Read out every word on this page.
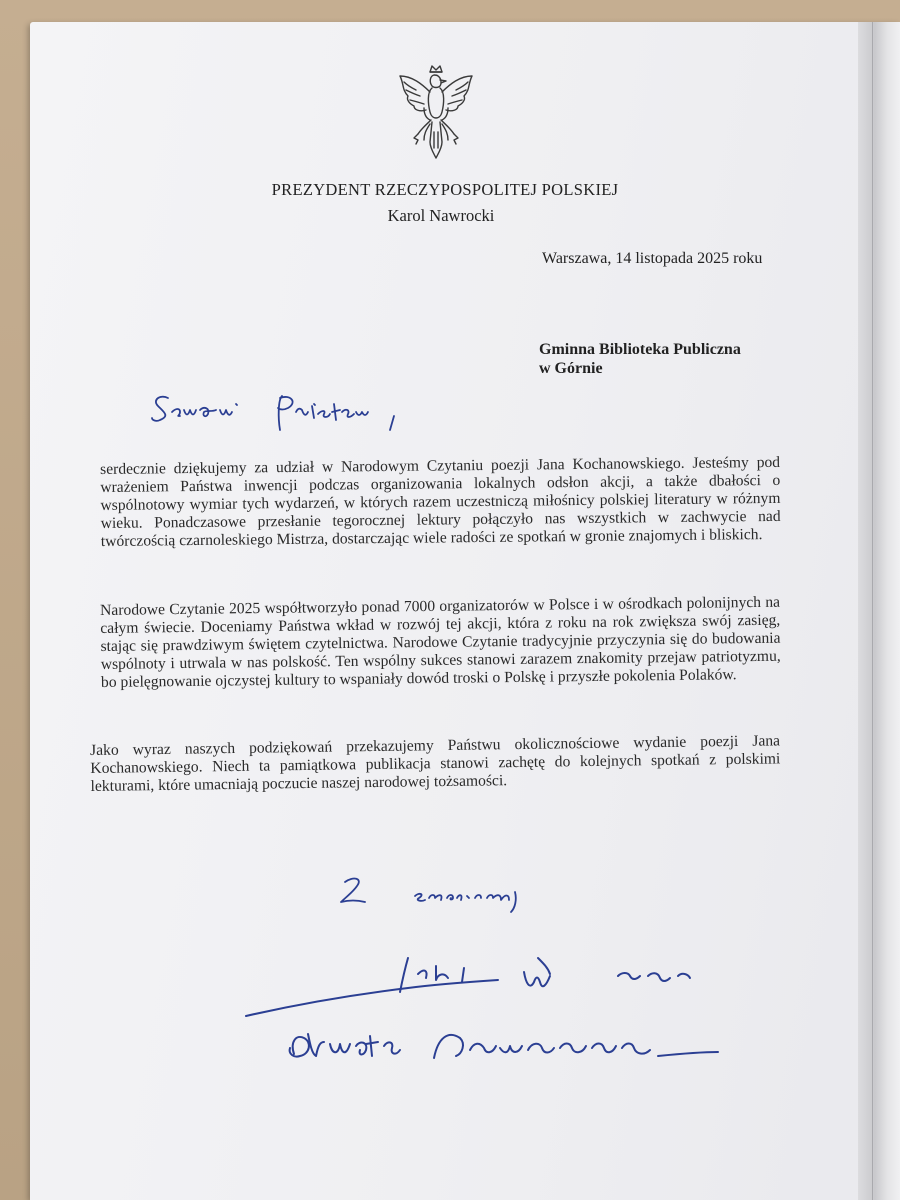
PREZYDENT RZECZYPOSPOLITEJ POLSKIEJ
Karol Nawrocki
Warszawa, 14 listopada 2025 roku
Gminna Biblioteka Publiczna
w Górnie

serdecznie dziękujemy za udział w Narodowym Czytaniu poezji Jana Kochanowskiego. Jesteśmy pod wrażeniem Państwa inwencji podczas organizowania lokalnych odsłon akcji, a także dbałości o wspólnotowy wymiar tych wydarzeń, w których razem uczestniczą miłośnicy polskiej literatury w różnym wieku. Ponadczasowe przesłanie tegorocznej lektury połączyło nas wszystkich w zachwycie nad twórczością czarnoleskiego Mistrza, dostarczając wiele radości ze spotkań w gronie znajomych i bliskich.

Narodowe Czytanie 2025 współtworzyło ponad 7000 organizatorów w Polsce i w ośrodkach polonijnych na całym świecie. Doceniamy Państwa wkład w rozwój tej akcji, która z roku na rok zwiększa swój zasięg, stając się prawdziwym świętem czytelnictwa. Narodowe Czytanie tradycyjnie przyczynia się do budowania wspólnoty i utrwala w nas polskość. Ten wspólny sukces stanowi zarazem znakomity przejaw patriotyzmu, bo pielęgnowanie ojczystej kultury to wspaniały dowód troski o Polskę i przyszłe pokolenia Polaków.

Jako wyraz naszych podziękowań przekazujemy Państwu okolicznościowe wydanie poezji Jana Kochanowskiego. Niech ta pamiątkowa publikacja stanowi zachętę do kolejnych spotkań z polskimi lekturami, które umacniają poczucie naszej narodowej tożsamości.
